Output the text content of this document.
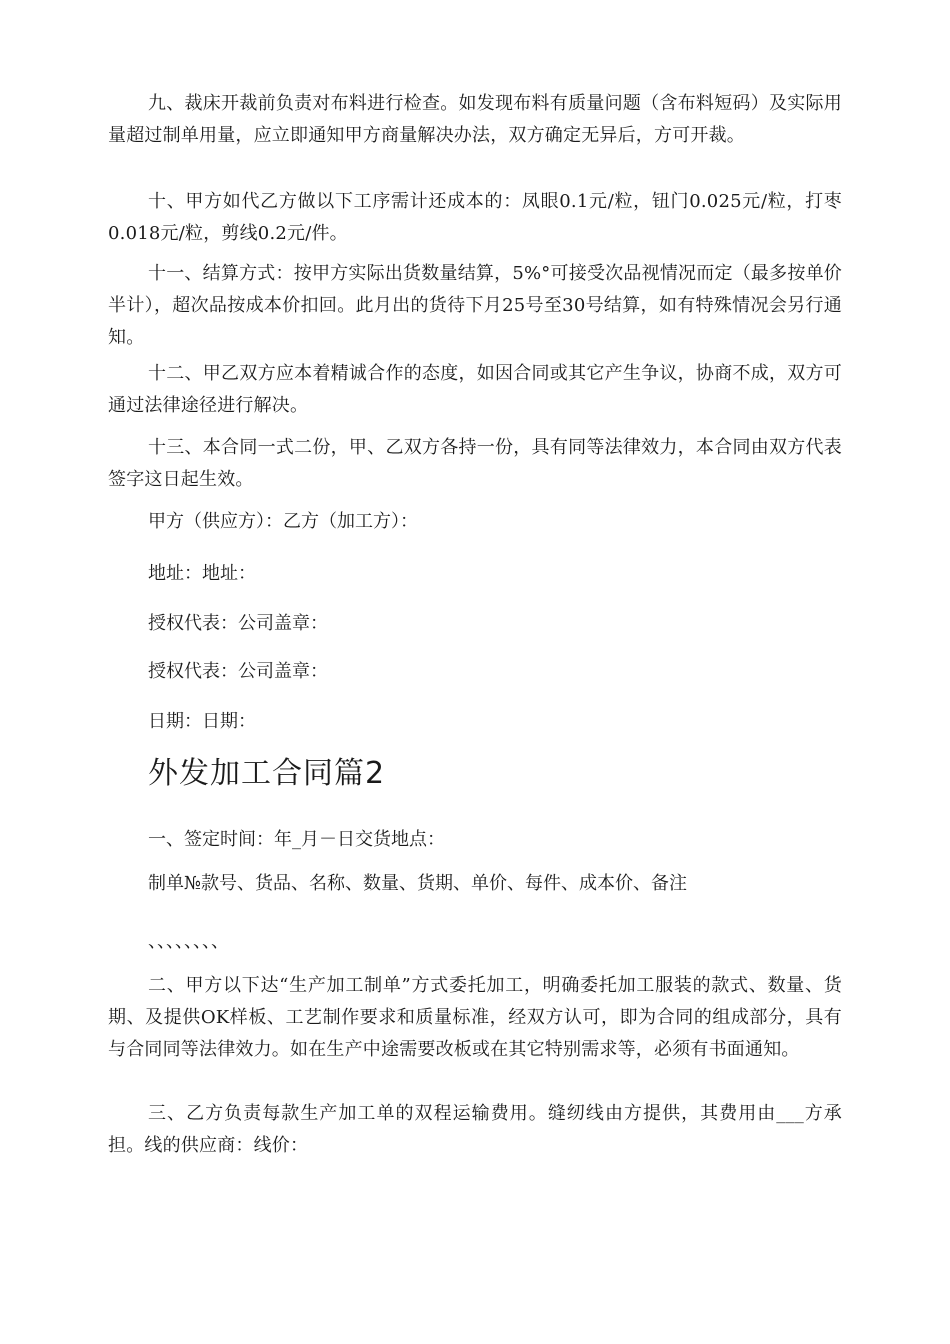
九、裁床开裁前负责对布料进行检查。如发现布料有质量问题（含布料短码）及实际用量超过制单用量，应立即通知甲方商量解决办法，双方确定无异后，方可开裁。

十、甲方如代乙方做以下工序需计还成本的：凤眼0.1元/粒，钮门0.025元/粒，打枣0.018元/粒，剪线0.2元/件。

十一、结算方式：按甲方实际出货数量结算，5%°可接受次品视情况而定（最多按单价半计），超次品按成本价扣回。此月出的货待下月25号至30号结算，如有特殊情况会另行通知。

十二、甲乙双方应本着精诚合作的态度，如因合同或其它产生争议，协商不成，双方可通过法律途径进行解决。

十三、本合同一式二份，甲、乙双方各持一份，具有同等法律效力，本合同由双方代表签字这日起生效。

甲方（供应方）：乙方（加工方）：

地址：地址：

授权代表：公司盖章：

授权代表：公司盖章：

日期：日期：

外发加工合同篇2

一、签定时间：年_月－日交货地点：

制单№款号、货品、名称、数量、货期、单价、每件、成本价、备注

、、、、、、、、

二、甲方以下达“生产加工制单”方式委托加工，明确委托加工服装的款式、数量、货期、及提供OK样板、工艺制作要求和质量标准，经双方认可，即为合同的组成部分，具有与合同同等法律效力。如在生产中途需要改板或在其它特别需求等，必须有书面通知。

三、乙方负责每款生产加工单的双程运输费用。缝纫线由方提供，其费用由___方承担。线的供应商：线价：
